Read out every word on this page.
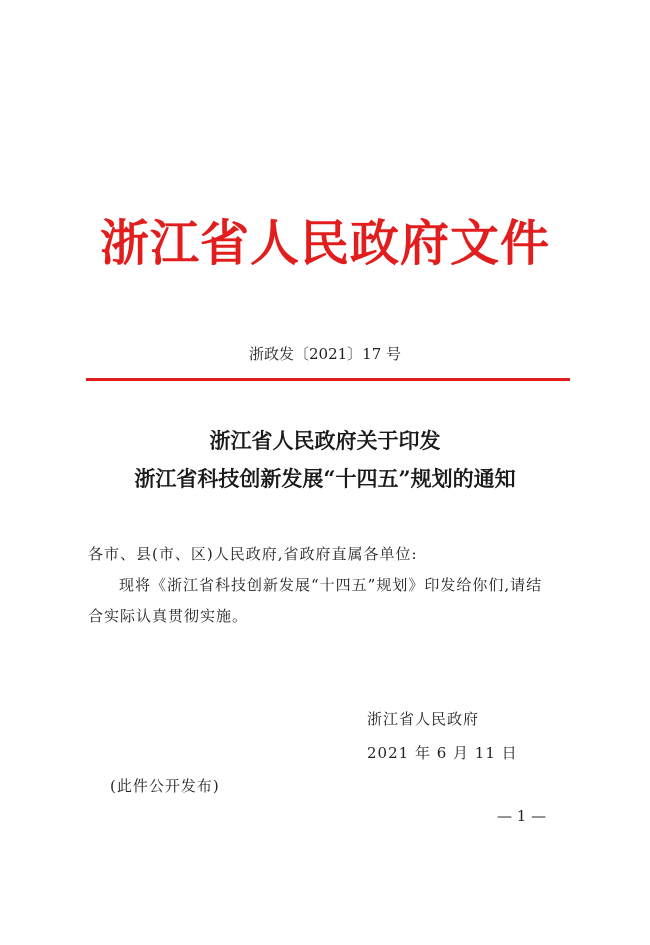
浙江省人民政府文件
浙政发〔2021〕17 号
浙江省人民政府关于印发
浙江省科技创新发展“十四五”规划的通知
各市、县(市、区)人民政府,省政府直属各单位:
现将《浙江省科技创新发展“十四五”规划》印发给你们,请结
合实际认真贯彻实施。
浙江省人民政府
2021 年 6 月 11 日
(此件公开发布)
— 1 —
